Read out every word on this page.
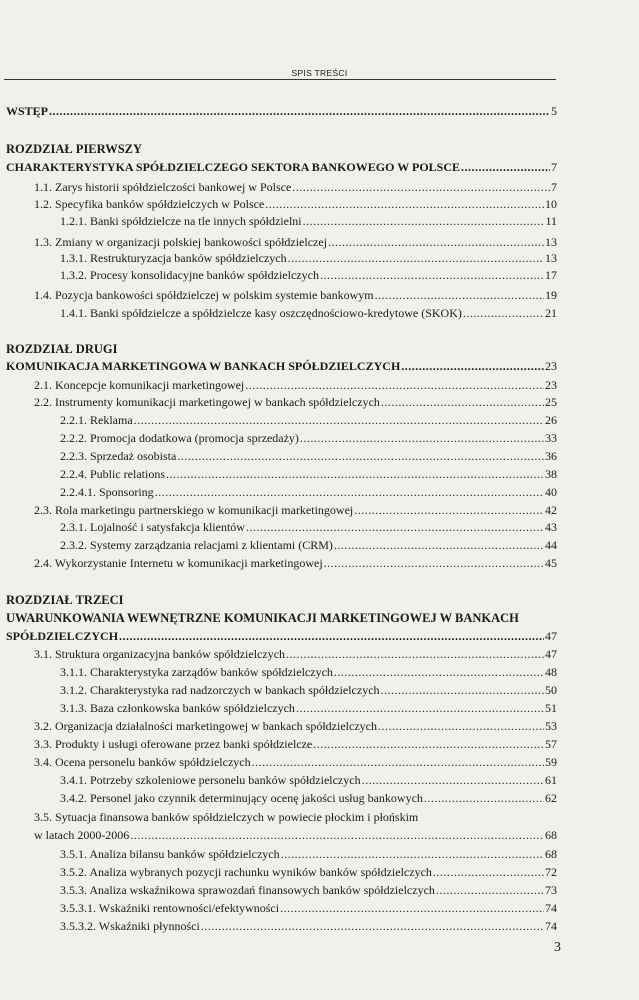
SPIS TREŚCI
WSTĘP .....	5
ROZDZIAŁ PIERWSZY
CHARAKTERYSTYKA SPÓŁDZIELCZEGO SEKTORA BANKOWEGO W POLSCE .....	7
1.1. Zarys historii spółdzielczości bankowej w Polsce .....	7
1.2. Specyfika banków spółdzielczych w Polsce .....	10
1.2.1. Banki spółdzielcze na tle innych spółdzielni .....	11
1.3. Zmiany w organizacji polskiej bankowości spółdzielczej .....	13
1.3.1. Restrukturyzacja banków spółdzielczych .....	13
1.3.2. Procesy konsolidacyjne banków spółdzielczych .....	17
1.4. Pozycja bankowości spółdzielczej w polskim systemie bankowym .....	19
1.4.1. Banki spółdzielcze a spółdzielcze kasy oszczędnościowo-kredytowe (SKOK) .....	21
ROZDZIAŁ DRUGI
KOMUNIKACJA MARKETINGOWA W BANKACH SPÓŁDZIELCZYCH .....	23
2.1. Koncepcje komunikacji marketingowej .....	23
2.2. Instrumenty komunikacji marketingowej w bankach spółdzielczych .....	25
2.2.1. Reklama .....	26
2.2.2. Promocja dodatkowa (promocja sprzedaży) .....	33
2.2.3. Sprzedaż osobista .....	36
2.2.4. Public relations .....	38
2.2.4.1. Sponsoring .....	40
2.3. Rola marketingu partnerskiego w komunikacji marketingowej .....	42
2.3.1. Lojalność i satysfakcja klientów .....	43
2.3.2. Systemy zarządzania relacjami z klientami (CRM) .....	44
2.4. Wykorzystanie Internetu w komunikacji marketingowej .....	45
ROZDZIAŁ TRZECI
UWARUNKOWANIA WEWNĘTRZNE KOMUNIKACJI MARKETINGOWEJ W BANKACH
SPÓŁDZIELCZYCH .....	47
3.1. Struktura organizacyjna banków spółdzielczych .....	47
3.1.1. Charakterystyka zarządów banków spółdzielczych .....	48
3.1.2. Charakterystyka rad nadzorczych w bankach spółdzielczych .....	50
3.1.3. Baza członkowska banków spółdzielczych .....	51
3.2. Organizacja działalności marketingowej w bankach spółdzielczych .....	53
3.3. Produkty i usługi oferowane przez banki spółdzielcze .....	57
3.4. Ocena personelu banków spółdzielczych .....	59
3.4.1. Potrzeby szkoleniowe personelu banków spółdzielczych .....	61
3.4.2. Personel jako czynnik determinujący ocenę jakości usług bankowych .....	62
3.5. Sytuacja finansowa banków spółdzielczych w powiecie płockim i płońskim
w latach 2000-2006 .....	68
3.5.1. Analiza bilansu banków spółdzielczych .....	68
3.5.2. Analiza wybranych pozycji rachunku wyników banków spółdzielczych .....	72
3.5.3. Analiza wskaźnikowa sprawozdań finansowych banków spółdzielczych .....	73
3.5.3.1. Wskaźniki rentowności/efektywności .....	74
3.5.3.2. Wskaźniki płynności .....	74
3
